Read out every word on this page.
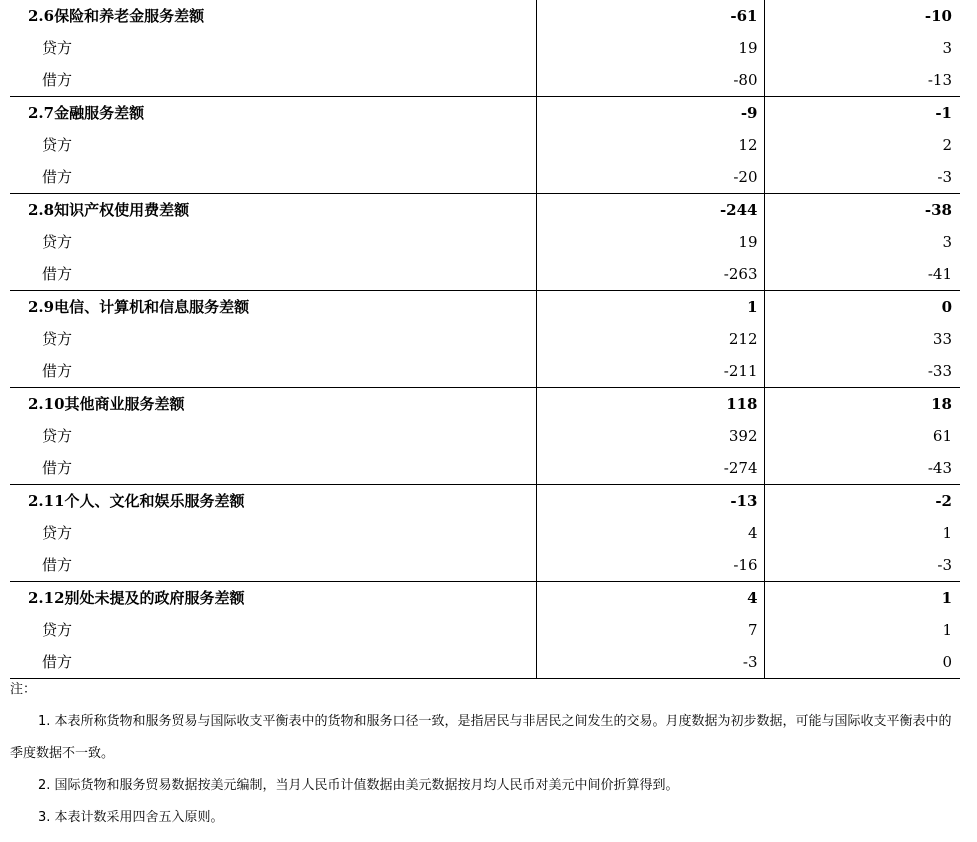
2.6保险和养老金服务差额	-61	-10
贷方	19	3
借方	-80	-13
2.7金融服务差额	-9	-1
贷方	12	2
借方	-20	-3
2.8知识产权使用费差额	-244	-38
贷方	19	3
借方	-263	-41
2.9电信、计算机和信息服务差额	1	0
贷方	212	33
借方	-211	-33
2.10其他商业服务差额	118	18
贷方	392	61
借方	-274	-43
2.11个人、文化和娱乐服务差额	-13	-2
贷方	4	1
借方	-16	-3
2.12别处未提及的政府服务差额	4	1
贷方	7	1
借方	-3	0
注：
1. 本表所称货物和服务贸易与国际收支平衡表中的货物和服务口径一致，是指居民与非居民之间发生的交易。月度数据为初步数据，可能与国际收支平衡表中的季度数据不一致。
2. 国际货物和服务贸易数据按美元编制，当月人民币计值数据由美元数据按月均人民币对美元中间价折算得到。
3. 本表计数采用四舍五入原则。
